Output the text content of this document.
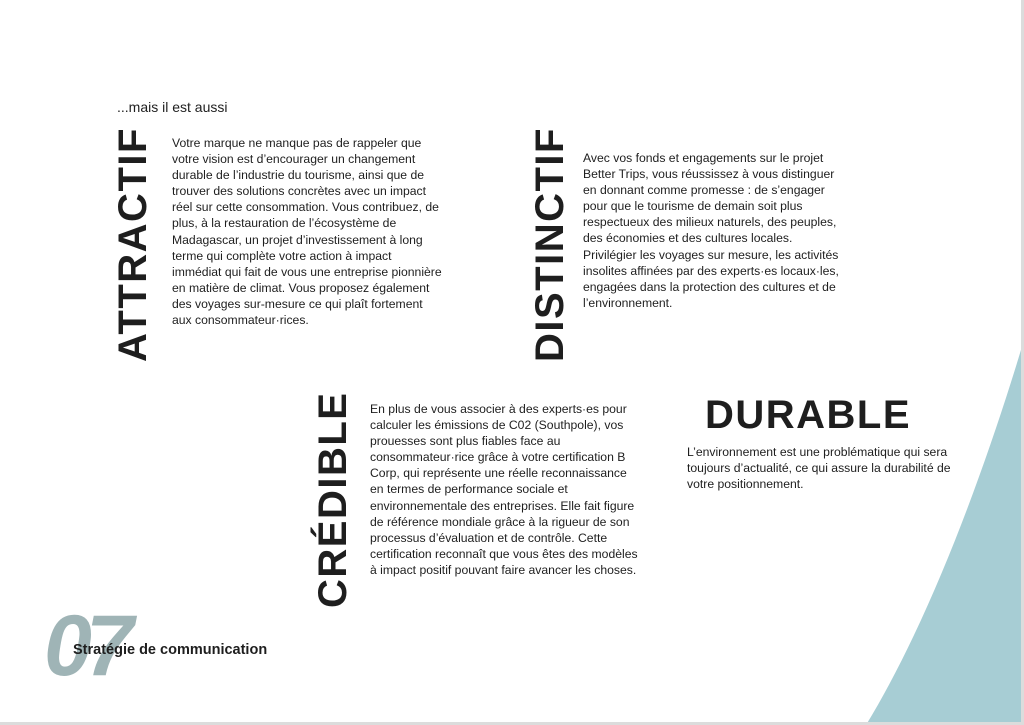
...mais il est aussi

ATTRACTIF Votre marque ne manque pas de rappeler que votre vision est d’encourager un changement durable de l’industrie du tourisme, ainsi que de trouver des solutions concrètes avec un impact réel sur cette consommation. Vous contribuez, de plus, à la restauration de l’écosystème de Madagascar, un projet d’investissement à long terme qui complète votre action à impact immédiat qui fait de vous une entreprise pionnière en matière de climat. Vous proposez également des voyages sur-mesure ce qui plaît fortement aux consommateur·rices.	DISTINCTIF Avec vos fonds et engagements sur le projet Better Trips, vous réussissez à vous distinguer en donnant comme promesse : de s’engager pour que le tourisme de demain soit plus respectueux des milieux naturels, des peuples, des économies et des cultures locales. Privilégier les voyages sur mesure, les activités insolites affinées par des experts·es locaux·les, engagées dans la protection des cultures et de l’environnement.

CRÉDIBLE En plus de vous associer à des experts·es pour calculer les émissions de C02 (Southpole), vos prouesses sont plus fiables face au consommateur·rice grâce à votre certification B Corp, qui représente une réelle reconnaissance en termes de performance sociale et environnementale des entreprises. Elle fait figure de référence mondiale grâce à la rigueur de son processus d’évaluation et de contrôle. Cette certification reconnaît que vous êtes des modèles à impact positif pouvant faire avancer les choses.

DURABLE

L’environnement est une problématique qui sera toujours d’actualité, ce qui assure la durabilité de votre positionnement.

07

Stratégie de communication
